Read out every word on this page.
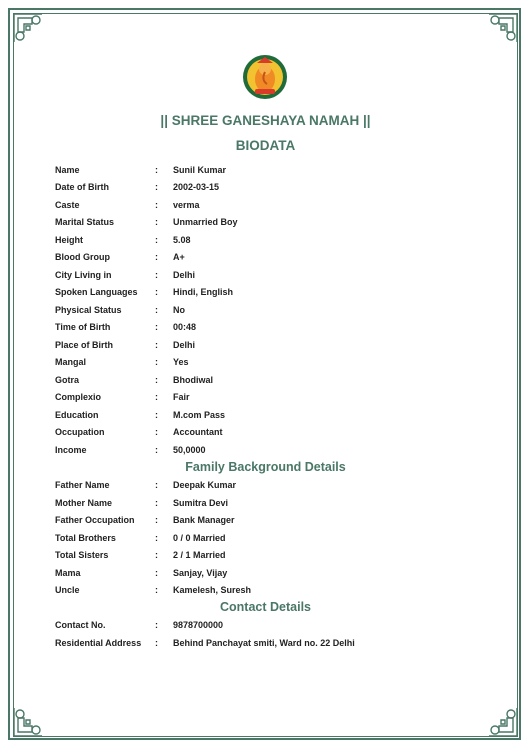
|| SHREE GANESHAYA NAMAH ||
BIODATA
Name	: Sunil Kumar
Date of Birth	: 2002-03-15
Caste	: verma
Marital Status	: Unmarried Boy
Height	: 5.08
Blood Group	: A+
City Living in	: Delhi
Spoken Languages : Hindi, English
Physical Status	: No
Time of Birth	: 00:48
Place of Birth	: Delhi
Mangal	: Yes
Gotra	: Bhodiwal
Complexio	: Fair
Education	: M.com Pass
Occupation	: Accountant
Income	: 50,0000
Family Background Details
Father Name	: Deepak Kumar
Mother Name	: Sumitra Devi
Father Occupation : Bank Manager
Total Brothers	: 0 / 0 Married
Total Sisters	: 2 / 1 Married
Mama	: Sanjay, Vijay
Uncle	: Kamelesh, Suresh
Contact Details
Contact No.	: 9878700000
Residential Address : Behind Panchayat smiti, Ward no. 22 Delhi
